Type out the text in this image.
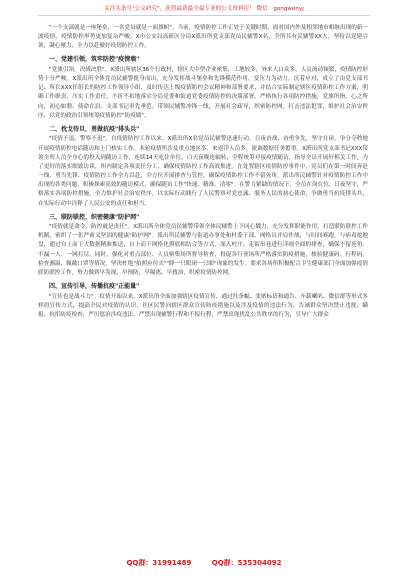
关注头条号"公文研究"，获得最新最全最专业的公文资料库！ 微信：gongwenyj

"一个支部就是一座堡垒，一名党员就是一面旗帜"。当前，疫情防控工作正处于关键时期，面对国内外及相邻地市相继出现的新一波疫情，疫情防控形势更加复杂严峻。X市公安局高新区分局X派出所党支部党员民辅警X名，全所共有民辅警XX人，坚持以党建引领，凝心聚力，全力以赴做好疫情防控工作。

一、党建引领，筑牢防控"疫情墙"

"党旗引领，决战决胜"。X派出所辖区36个行政村，辖区大中型企业密集，工地较多，外来人口众多，人员流动频繁，疫情防控形势十分严峻。X派出所全体党员民辅警挺身而出，充分发挥战斗堡垒和先锋模范作用，变压力为动力，沉着应对，成立了由党支部书记、所长XXX任组长的防控工作领导小组，及时传达上级疫情防控会议精神和部署要求，并结合实际制定辖区疫情防控工作方案，明确工作职责，压实工作责任，不折不扣地落实分局党委和街道党委疫情防控的决策部署。严格执行各项防控措施，党旗所指，心之所向，初心如磐、使命在肩。支部书记率先垂范，带领民辅警冲锋一线，开展社会疏导，织密防控网，打击违法犯罪，维护社会治安秩序，以党的政治引领统筹疫情防控"防疫墙"。

二、枕戈待旦，勇做抗疫"排头兵"

"疫情不退，警察不退"。自疫情防控工作以来，X派出所X名党员民辅警迅速行动，日夜奋战、奋勇争先，坚守在岗，争分夺秒地开展疫情防控电话随访和上门核实工作。本轮疫情所涉及重点地区多、来返洋人员多，流调数据任务繁重。X派出所党支部书记XXX带领全所人员全身心的投入到随访工作，连续14天吃住单位，白天夜晚连轴转，全程统筹对接疫情随访，指导全员开展好相关工作，为了更好的落实细致访谈，所内制定各项责任分工，确保疫情防控工作高效推进。在处置辖区疫情防控事件中，党员们在第一时间奔赴一线，勇当先锋，疫情防控工作全力以赴，全方位开展排查与管控，确保疫情防控工作不留死角。派出所民辅警针对疫情防控工作中出现的各类问题，积极探索高效的随访模式，确保随访工作"快速、精准、清零"。在警力紧缺的情况下，全员在岗在位，日夜坚守，严格落实各项防控措施，全力维护社会治安秩序，以实际行动践行了人民警察对党忠诚、服务人民的初心使命，争做勇当抗疫排头兵，在实际行动中诠释了人民公安的责任和担当。

三、联防联控，织密健康"防护网"

"疫情就是命令，防控就是责任"。X派出所全体党员民辅警带领全体民辅警上下同心戮力，充分发挥职能作用，打造联防联控工作机制，密织了一张严密又坚固的健康"防护网"。派出所民辅警与街道办事处和村委干部、网格员并肩作战，与时间赛跑，与病毒抢地盘，通过自上而下大数据精准推送，自上而下网格化摸底相结合等方式，深入村庄、走街串巷进行详细全面的排查，确保不留死角、不漏一人、一网打尽。同时，强化对重点部位、人员密集场所督导检查，督促各行业场所严格落实防疫措施，核验健康码、行程码，检查测温、佩戴口罩等情况，坚决杜绝"拍照应付式""睁一只眼闭一只眼"现象的发生。要求各场所积极配合卫生健康部门全面加强疫情联防联控工作，努力做到早发现、早预防，早隔离、早救治，织密疫情防控网。

四、宣传引导，传播抗疫"正能量"

"宣传也是战斗力"。疫情开始以来，X派出所全面加强辖区疫情宣传，通过挂条幅、张贴标语和通告、车载喇叭、微信群等形式多样的宣传方式，提高全民对疫情的认识。社区民警向辖区群众宣传防疫措施以及涉及疫情的违法行为，告诫群众坚决禁止违规、瞒报、抗拒防疫检查，严厉惩治涉疫违法，严禁出现辅警行程和不报行程，严禁出现扰乱公共秩序的行为，引导广大群众

QQ群：31991489	QQ群：535304092
